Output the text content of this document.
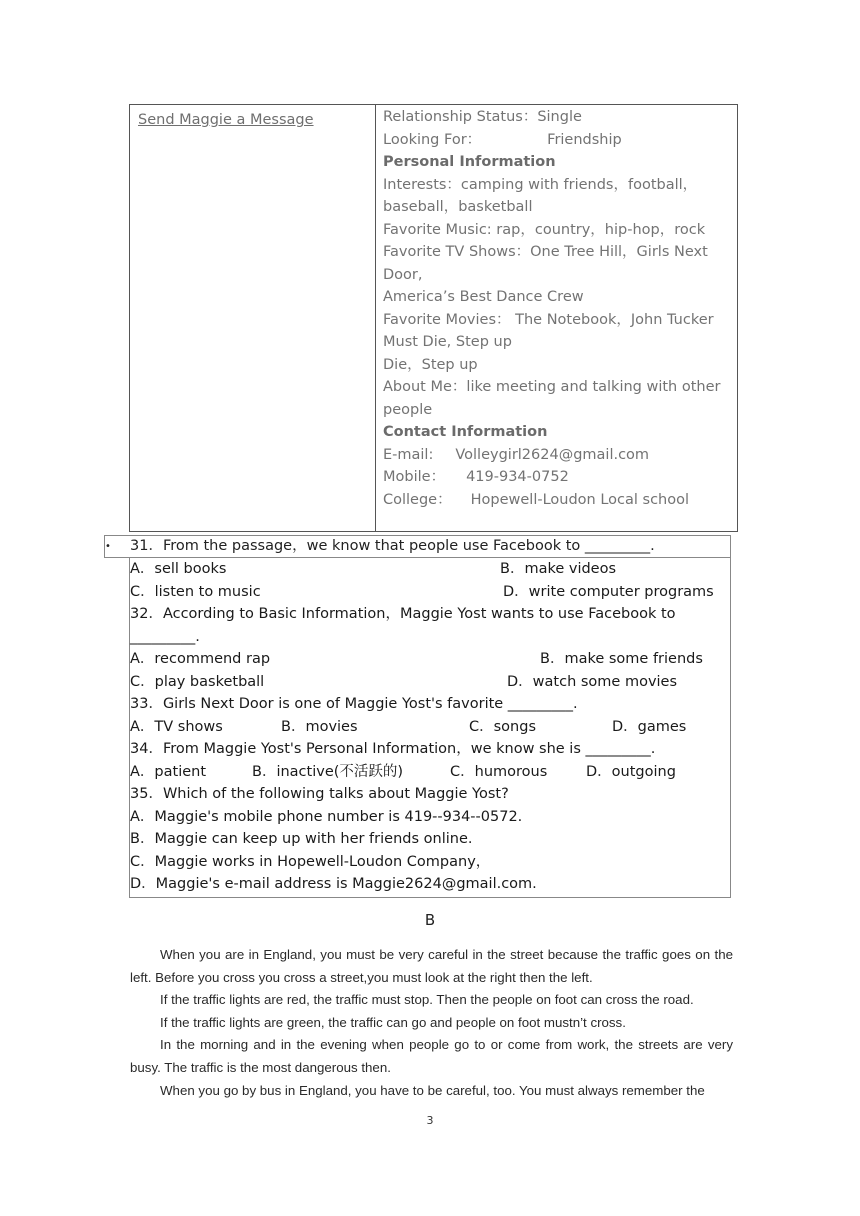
Send Maggie a Message	Relationship Status：Single
Looking For：	Friendship
Personal Information
Interests：camping with friends，football，baseball，basketball
Favorite Music: rap，country，hip-hop，rock
Favorite TV Shows：One Tree Hill，Girls Next Door,
America’s Best Dance Crew
Favorite Movies： The Notebook，John Tucker Must Die, Step up
Die，Step up
About Me：like meeting and talking with other people
Contact Information
E-mail: Volleygirl2624@gmail.com
Mobile： 419-934-0752
College： Hopewell-Loudon Local school
• 31．From the passage，we know that people use Facebook to _________.
A．sell books	B．make videos
C．listen to music	D．write computer programs
32．According to Basic Information，Maggie Yost wants to use Facebook to
_________.
A．recommend rap	B．make some friends
C．play basketball	D．watch some movies
33．Girls Next Door is one of Maggie Yost's favorite _________.
A．TV shows	B．movies	C．songs	D．games
34．From Maggie Yost's Personal Information，we know she is _________.
A．patient	B．inactive(不活跃的)	C．humorous	D．outgoing
35．Which of the following talks about Maggie Yost?
A．Maggie's mobile phone number is 419--934--0572.
B．Maggie can keep up with her friends online.
C．Maggie works in Hopewell-Loudon Company，
D．Maggie's e-mail address is Maggie2624@gmail.com.
B

When you are in England, you must be very careful in the street because the traffic goes on the left. Before you cross you cross a street,you must look at the right then the left.

If the traffic lights are red, the traffic must stop. Then the people on foot can cross the road.

If the traffic lights are green, the traffic can go and people on foot mustn’t cross.

In the morning and in the evening when people go to or come from work, the streets are very busy. The traffic is the most dangerous then.

When you go by bus in England, you have to be careful, too. You must always remember the

3
